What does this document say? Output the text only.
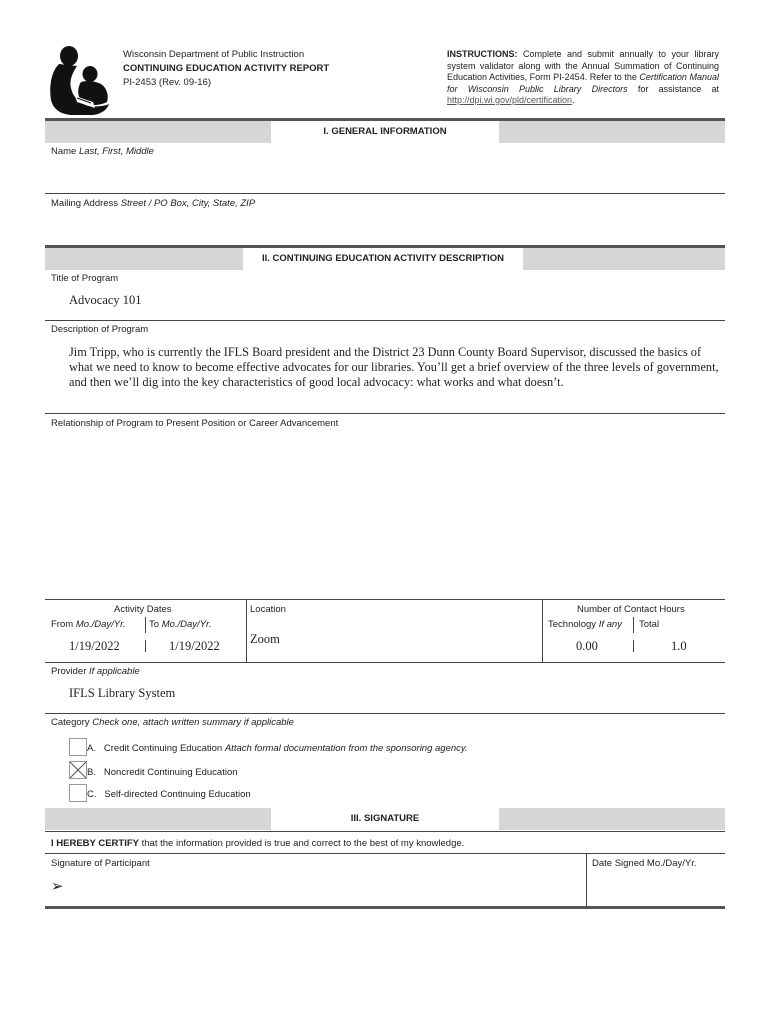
Wisconsin Department of Public Instruction
CONTINUING EDUCATION ACTIVITY REPORT
PI-2453 (Rev. 09-16)
INSTRUCTIONS: Complete and submit annually to your library system validator along with the Annual Summation of Continuing Education Activities, Form PI-2454. Refer to the Certification Manual for Wisconsin Public Library Directors for assistance at http://dpi.wi.gov/pld/certification.
I. GENERAL INFORMATION
Name Last, First, Middle
Mailing Address Street / PO Box, City, State, ZIP
II. CONTINUING EDUCATION ACTIVITY DESCRIPTION
Title of Program
Advocacy 101
Description of Program
Jim Tripp, who is currently the IFLS Board president and the District 23 Dunn County Board Supervisor, discussed the basics of what we need to know to become effective advocates for our libraries. You’ll get a brief overview of the three levels of government, and then we’ll dig into the key characteristics of good local advocacy: what works and what doesn’t.
Relationship of Program to Present Position or Career Advancement
Activity Dates
From Mo./Day/Yr. To Mo./Day/Yr.
1/19/2022	1/19/2022
Location
Zoom
Number of Contact Hours
Technology If any Total
0.00	1.0
Provider If applicable
IFLS Library System
Category Check one, attach written summary if applicable
A. Credit Continuing Education Attach formal documentation from the sponsoring agency.
B. Noncredit Continuing Education
C. Self-directed Continuing Education
III. SIGNATURE
I HEREBY CERTIFY that the information provided is true and correct to the best of my knowledge.
Signature of Participant	Date Signed Mo./Day/Yr.
➢
